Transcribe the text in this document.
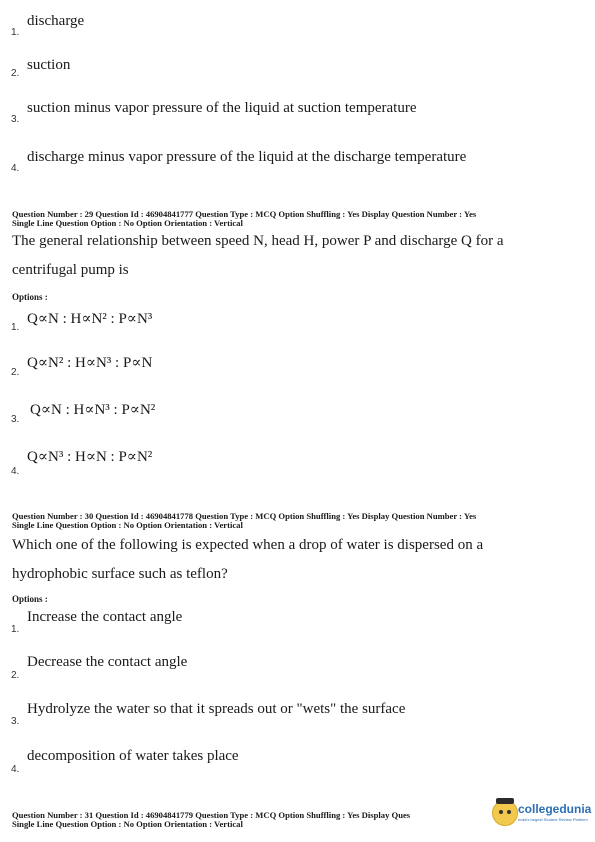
1.
discharge
2.
suction
3.
suction minus vapor pressure of the liquid at suction temperature
4.
discharge minus vapor pressure of the liquid at the discharge temperature
Question Number : 29 Question Id : 46904841777 Question Type : MCQ Option Shuffling : Yes Display Question Number : Yes
Single Line Question Option : No Option Orientation : Vertical
The general relationship between speed N, head H, power P and discharge Q for a
centrifugal pump is
Options :
1.
Q∝N : H∝N² : P∝N³
2.
Q∝N² : H∝N³ : P∝N
3.
Q∝N : H∝N³ : P∝N²
4.
Q∝N³ : H∝N : P∝N²
Question Number : 30 Question Id : 46904841778 Question Type : MCQ Option Shuffling : Yes Display Question Number : Yes
Single Line Question Option : No Option Orientation : Vertical
Which one of the following is expected when a drop of water is dispersed on a
hydrophobic surface such as teflon?
Options :
1.
Increase the contact angle
2.
Decrease the contact angle
3.
Hydrolyze the water so that it spreads out or "wets" the surface
4.
decomposition of water takes place
Question Number : 31 Question Id : 46904841779 Question Type : MCQ Option Shuffling : Yes Display Ques
Single Line Question Option : No Option Orientation : Vertical
collegedunia
India's largest Student Review Platform
